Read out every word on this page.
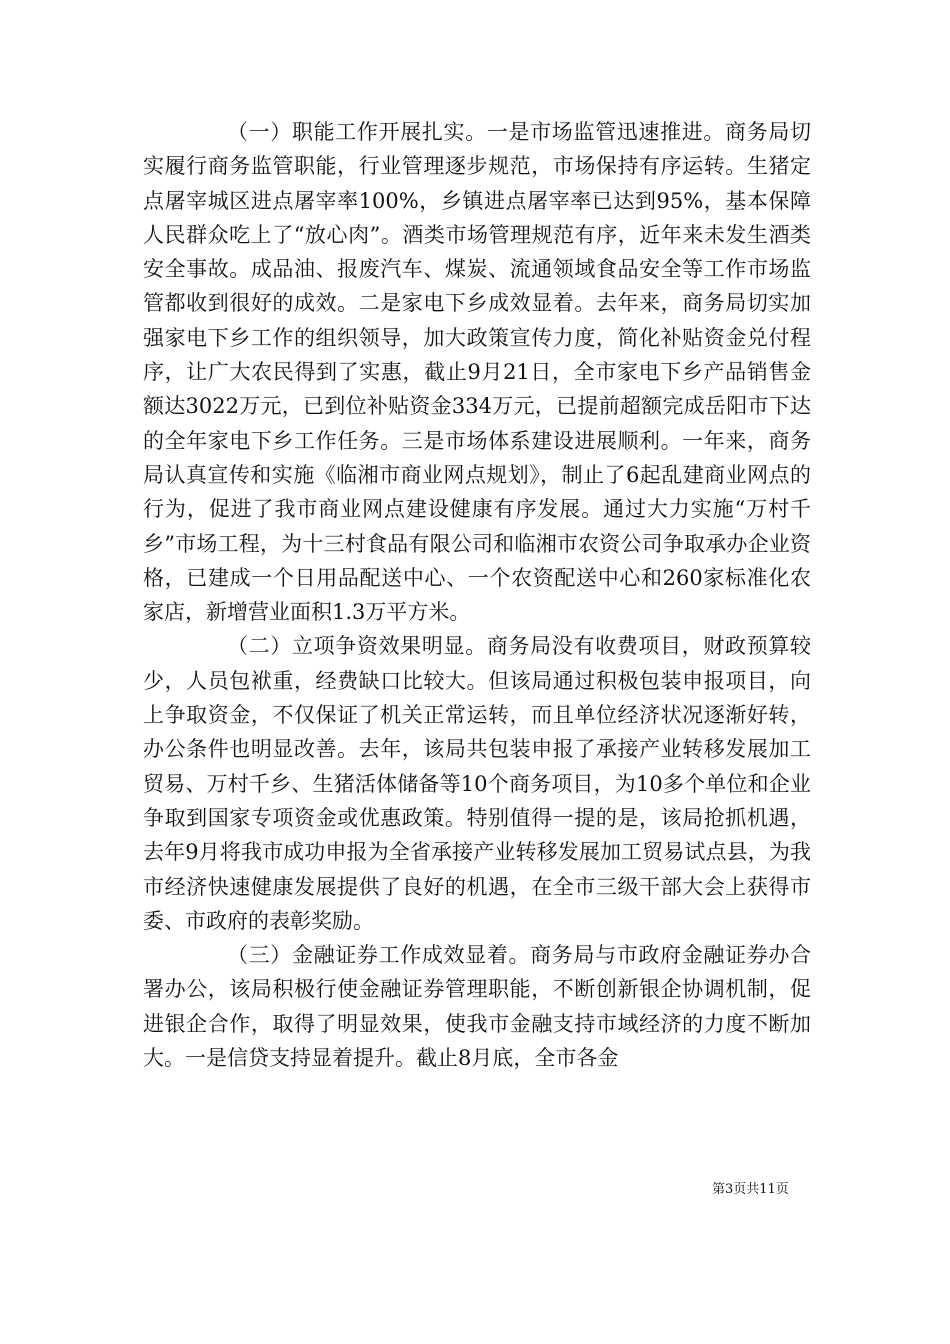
（一）职能工作开展扎实。一是市场监管迅速推进。商务局切实履行商务监管职能，行业管理逐步规范，市场保持有序运转。生猪定点屠宰城区进点屠宰率100%，乡镇进点屠宰率已达到95%，基本保障人民群众吃上了“放心肉”。酒类市场管理规范有序，近年来未发生酒类安全事故。成品油、报废汽车、煤炭、流通领域食品安全等工作市场监管都收到很好的成效。二是家电下乡成效显着。去年来，商务局切实加强家电下乡工作的组织领导，加大政策宣传力度，简化补贴资金兑付程序，让广大农民得到了实惠，截止9月21日，全市家电下乡产品销售金额达3022万元，已到位补贴资金334万元，已提前超额完成岳阳市下达的全年家电下乡工作任务。三是市场体系建设进展顺利。一年来，商务局认真宣传和实施《临湘市商业网点规划》，制止了6起乱建商业网点的行为，促进了我市商业网点建设健康有序发展。通过大力实施“万村千乡”市场工程，为十三村食品有限公司和临湘市农资公司争取承办企业资格，已建成一个日用品配送中心、一个农资配送中心和260家标准化农家店，新增营业面积1.3万平方米。

（二）立项争资效果明显。商务局没有收费项目，财政预算较少，人员包袱重，经费缺口比较大。但该局通过积极包装申报项目，向上争取资金，不仅保证了机关正常运转，而且单位经济状况逐渐好转，办公条件也明显改善。去年，该局共包装申报了承接产业转移发展加工贸易、万村千乡、生猪活体储备等10个商务项目，为10多个单位和企业争取到国家专项资金或优惠政策。特别值得一提的是，该局抢抓机遇，去年9月将我市成功申报为全省承接产业转移发展加工贸易试点县，为我市经济快速健康发展提供了良好的机遇，在全市三级干部大会上获得市委、市政府的表彰奖励。

（三）金融证券工作成效显着。商务局与市政府金融证券办合署办公，该局积极行使金融证券管理职能，不断创新银企协调机制，促进银企合作，取得了明显效果，使我市金融支持市域经济的力度不断加大。一是信贷支持显着提升。截止8月底，全市各金

第3页共11页
